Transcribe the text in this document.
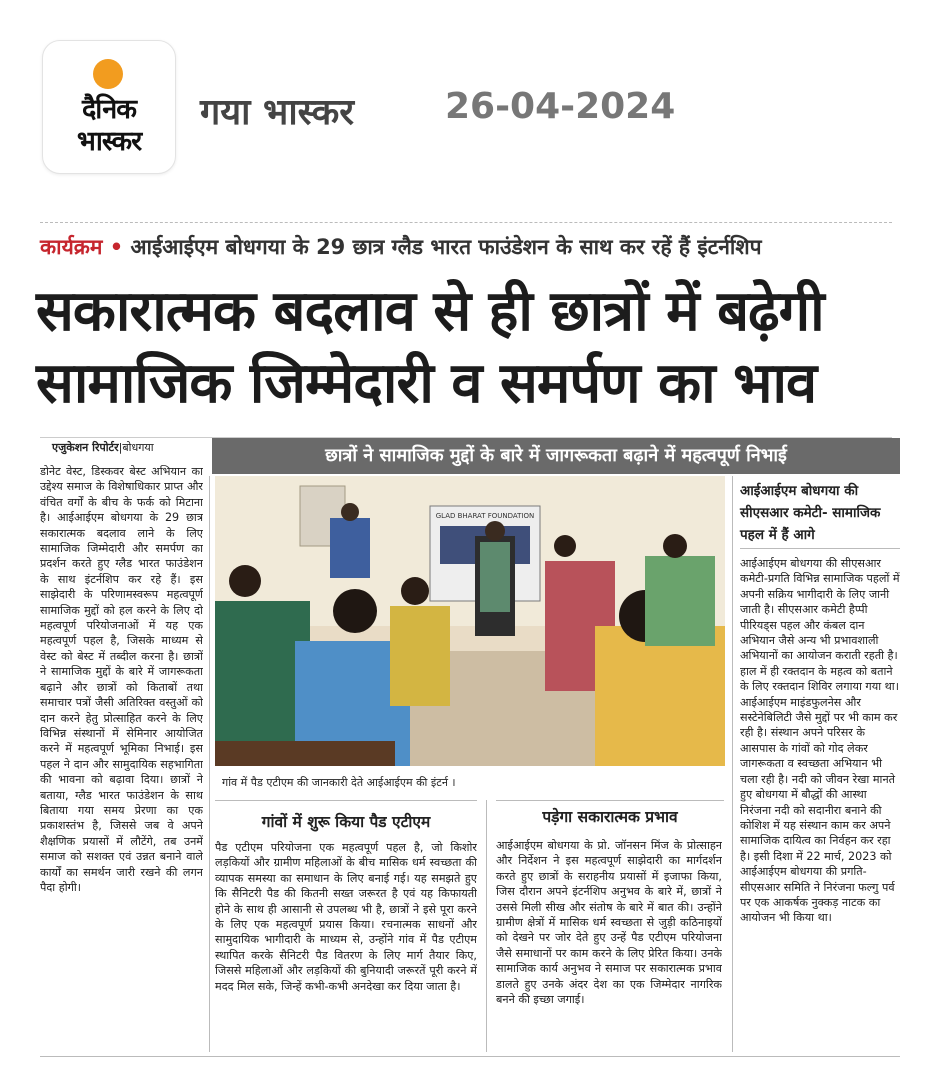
दैनिक
भास्कर
गया भास्कर	26-04-2024
कार्यक्रम • आईआईएम बोधगया के 29 छात्र ग्लैड भारत फाउंडेशन के साथ कर रहें हैं इंटर्नशिप
सकारात्मक बदलाव से ही छात्रों में बढ़ेगी
सामाजिक जिम्मेदारी व समर्पण का भाव
एजुकेशन रिपोर्टर|बोधगया	छात्रों ने सामाजिक मुद्दों के बारे में जागरूकता बढ़ाने में महत्वपूर्ण निभाई
GLAD BHARAT FOUNDATION
गांव में पैड एटीएम की जानकारी देते आईआईएम की इंटर्न ।
डोनेट वेस्ट, डिस्कवर बेस्ट अभियान का उद्देश्य समाज के विशेषाधिकार प्राप्त और वंचित वर्गों के बीच के फर्क को मिटाना है। आईआईएम बोधगया के 29 छात्र सकारात्मक बदलाव लाने के लिए सामाजिक जिम्मेदारी और समर्पण का प्रदर्शन करते हुए ग्लैड भारत फाउंडेशन के साथ इंटर्नशिप कर रहे हैं। इस साझेदारी के परिणामस्वरूप महत्वपूर्ण सामाजिक मुद्दों को हल करने के लिए दो महत्वपूर्ण परियोजनाओं में यह एक महत्वपूर्ण पहल है, जिसके माध्यम से वेस्ट को बेस्ट में तब्दील करना है। छात्रों ने सामाजिक मुद्दों के बारे में जागरूकता बढ़ाने और छात्रों को किताबों तथा समाचार पत्रों जैसी अतिरिक्त वस्तुओं को दान करने हेतु प्रोत्साहित करने के लिए विभिन्न संस्थानों में सेमिनार आयोजित करने में महत्वपूर्ण भूमिका निभाई। इस पहल ने दान और सामुदायिक सहभागिता की भावना को बढ़ावा दिया। छात्रों ने बताया, ग्लैड भारत फाउंडेशन के साथ बिताया गया समय प्रेरणा का एक प्रकाशस्तंभ है, जिससे जब वे अपने शैक्षणिक प्रयासों में लौटेंगे, तब उनमें समाज को सशक्त एवं उन्नत बनाने वाले कार्यों का समर्थन जारी रखने की लगन पैदा होगी।
गांवों में शुरू किया पैड एटीएम
पैड एटीएम परियोजना एक महत्वपूर्ण पहल है, जो किशोर लड़कियों और ग्रामीण महिलाओं के बीच मासिक धर्म स्वच्छता की व्यापक समस्या का समाधान के लिए बनाई गई। यह समझते हुए कि सैनिटरी पैड की कितनी सख्त जरूरत है एवं यह किफायती होने के साथ ही आसानी से उपलब्ध भी है, छात्रों ने इसे पूरा करने के लिए एक महत्वपूर्ण प्रयास किया। रचनात्मक साधनों और सामुदायिक भागीदारी के माध्यम से, उन्होंने गांव में पैड एटीएम स्थापित करके सैनिटरी पैड वितरण के लिए मार्ग तैयार किए, जिससे महिलाओं और लड़कियों की बुनियादी जरूरतें पूरी करने में मदद मिल सके, जिन्हें कभी-कभी अनदेखा कर दिया जाता है।
पड़ेगा सकारात्मक प्रभाव
आईआईएम बोधगया के प्रो. जॉनसन मिंज के प्रोत्साहन और निर्देशन ने इस महत्वपूर्ण साझेदारी का मार्गदर्शन करते हुए छात्रों के सराहनीय प्रयासों में इजाफा किया, जिस दौरान अपने इंटर्नशिप अनुभव के बारे में, छात्रों ने उससे मिली सीख और संतोष के बारे में बात की। उन्होंने ग्रामीण क्षेत्रों में मासिक धर्म स्वच्छता से जुड़ी कठिनाइयों को देखने पर जोर देते हुए उन्हें पैड एटीएम परियोजना जैसे समाधानों पर काम करने के लिए प्रेरित किया। उनके सामाजिक कार्य अनुभव ने समाज पर सकारात्मक प्रभाव डालते हुए उनके अंदर देश का एक जिम्मेदार नागरिक बनने की इच्छा जगाई।
आईआईएम बोधगया की सीएसआर कमेटी- सामाजिक पहल में हैं आगे
आईआईएम बोधगया की सीएसआर कमेटी-प्रगति विभिन्न सामाजिक पहलों में अपनी सक्रिय भागीदारी के लिए जानी जाती है। सीएसआर कमेटी हैप्पी पीरियड्स पहल और कंबल दान अभियान जैसे अन्य भी प्रभावशाली अभियानों का आयोजन कराती रहती है। हाल में ही रक्तदान के महत्व को बताने के लिए रक्तदान शिविर लगाया गया था। आईआईएम माइंडफुलनेस और सस्टेनेबिलिटी जैसे मुद्दों पर भी काम कर रही है। संस्थान अपने परिसर के आसपास के गांवों को गोद लेकर जागरूकता व स्वच्छता अभियान भी चला रही है। नदी को जीवन रेखा मानते हुए बोधगया में बौद्धों की आस्था निरंजना नदी को सदानीरा बनाने की कोशिश में यह संस्थान काम कर अपने सामाजिक दायित्व का निर्वहन कर रहा है। इसी दिशा में 22 मार्च, 2023 को आईआईएम बोधगया की प्रगति-सीएसआर समिति ने निरंजना फल्गु पर्व पर एक आकर्षक नुक्कड़ नाटक का आयोजन भी किया था।
